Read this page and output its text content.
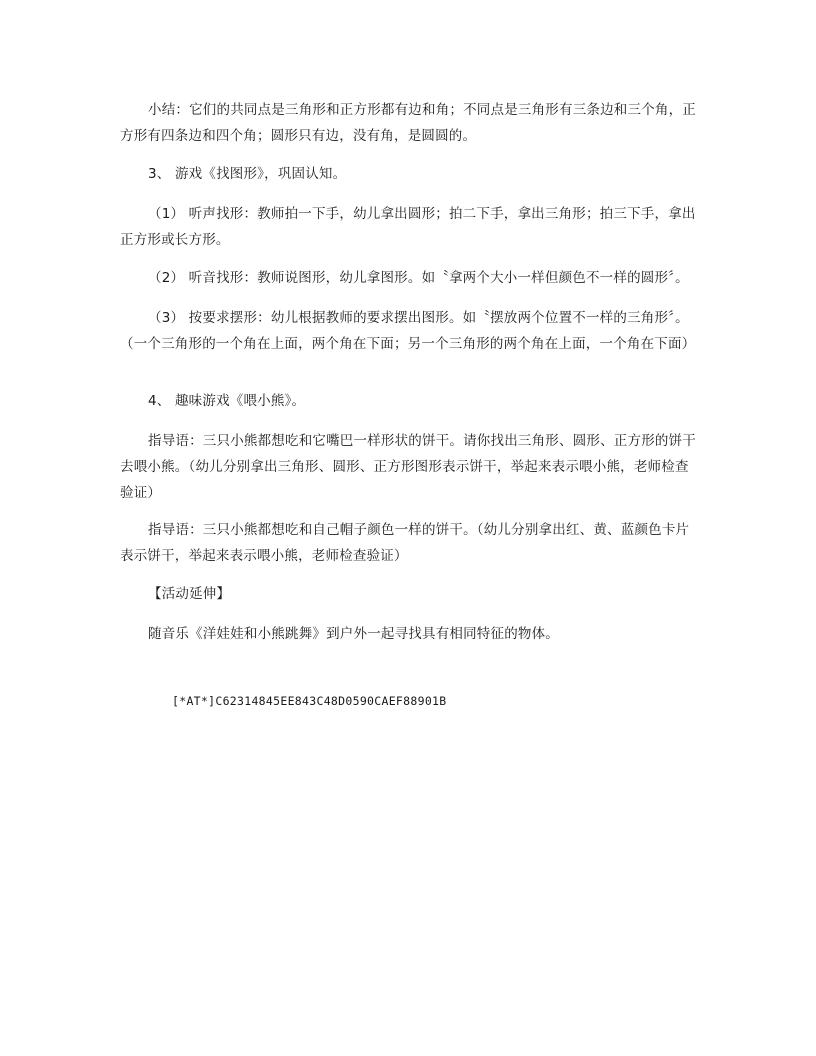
小结：它们的共同点是三角形和正方形都有边和角；不同点是三角形有三条边和三个角，正方形有四条边和四个角；圆形只有边，没有角，是圆圆的。

3、 游戏《找图形》，巩固认知。

（1） 听声找形：教师拍一下手，幼儿拿出圆形；拍二下手，拿出三角形；拍三下手，拿出正方形或长方形。

（2） 听音找形：教师说图形，幼儿拿图形。如〝拿两个大小一样但颜色不一样的圆形〞。

（3） 按要求摆形：幼儿根据教师的要求摆出图形。如〝摆放两个位置不一样的三角形〞。（一个三角形的一个角在上面，两个角在下面；另一个三角形的两个角在上面，一个角在下面）

4、 趣味游戏《喂小熊》。

指导语：三只小熊都想吃和它嘴巴一样形状的饼干。请你找出三角形、圆形、正方形的饼干去喂小熊。（幼儿分别拿出三角形、圆形、正方形图形表示饼干，举起来表示喂小熊，老师检查验证）

指导语：三只小熊都想吃和自己帽子颜色一样的饼干。（幼儿分别拿出红、黄、蓝颜色卡片表示饼干，举起来表示喂小熊，老师检查验证）

【活动延伸】

随音乐《洋娃娃和小熊跳舞》到户外一起寻找具有相同特征的物体。

[*AT*]C62314845EE843C48D0590CAEF88901B
